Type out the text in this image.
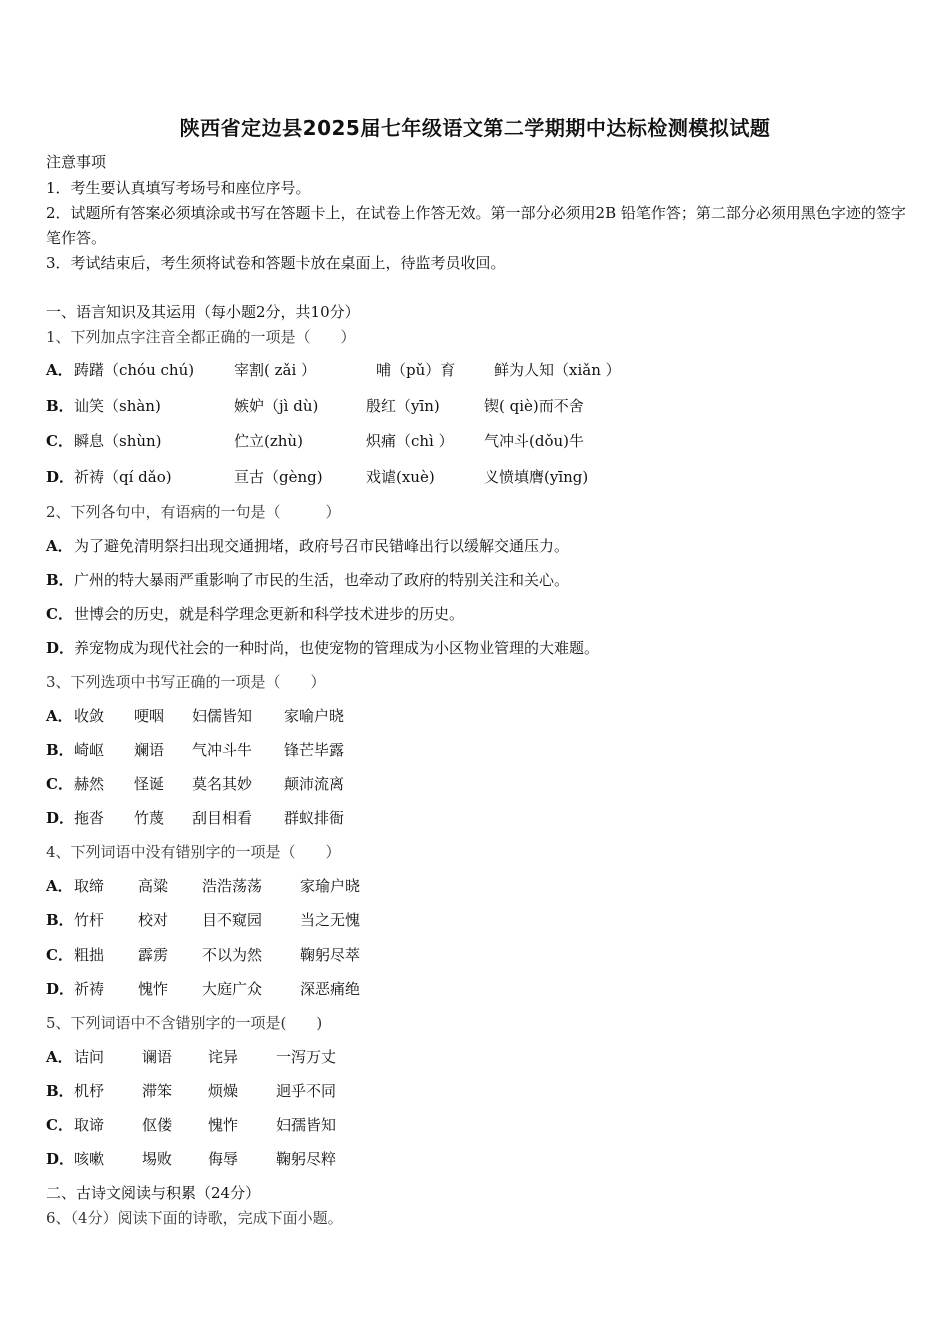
陕西省定边县2025届七年级语文第二学期期中达标检测模拟试题
注意事项
1．考生要认真填写考场号和座位序号。
2．试题所有答案必须填涂或书写在答题卡上，在试卷上作答无效。第一部分必须用2B 铅笔作答；第二部分必须用黑色字迹的签字笔作答。
3．考试结束后，考生须将试卷和答题卡放在桌面上，待监考员收回。
一、语言知识及其运用（每小题2分，共10分）
1、下列加点字注音全都正确的一项是（　　）
A． 踌躇（chóu chú)	宰割( zǎi ）	哺（pǔ）育	鲜为人知（xiǎn ）
B． 讪笑（shàn)	嫉妒（jì dù)	殷红（yīn)	锲( qiè)而不舍
C． 瞬息（shùn)	伫立(zhù)	炽痛（chì ） 气冲斗(dǒu)牛
D． 祈祷（qí dǎo)	亘古（gèng)	戏谑(xuè)	义愤填膺(yīng)
2、下列各句中，有语病的一句是（　　　）
A．为了避免清明祭扫出现交通拥堵，政府号召市民错峰出行以缓解交通压力。
B．广州的特大暴雨严重影响了市民的生活，也牵动了政府的特别关注和关心。
C．世博会的历史，就是科学理念更新和科学技术进步的历史。
D．养宠物成为现代社会的一种时尚，也使宠物的管理成为小区物业管理的大难题。
3、下列选项中书写正确的一项是（　　）
A． 收敛 哽咽 妇儒皆知 家喻户晓
B． 崎岖 斓语 气冲斗牛 锋芒毕露
C． 赫然 怪诞 莫名其妙 颠沛流离
D． 拖沓 竹蔑 刮目相看 群蚁排衙
4、下列词语中没有错别字的一项是（　　）
A． 取缔 高粱 浩浩荡荡	家瑜户晓
B． 竹杆 校对 目不窥园	当之无愧
C． 粗拙 霹雳 不以为然	鞠躬尽萃
D． 祈祷 愧怍 大庭广众	深恶痛绝
5、下列词语中不含错别字的一项是(　　)
A． 诘问	谰语 诧异	一泻万丈
B． 机杼	滞笨 烦燥	迥乎不同
C． 取谛	伛偻 愧怍	妇孺皆知
D． 咳嗽	埸败 侮辱	鞠躬尽粹
二、古诗文阅读与积累（24分）
6、（4分）阅读下面的诗歌，完成下面小题。
